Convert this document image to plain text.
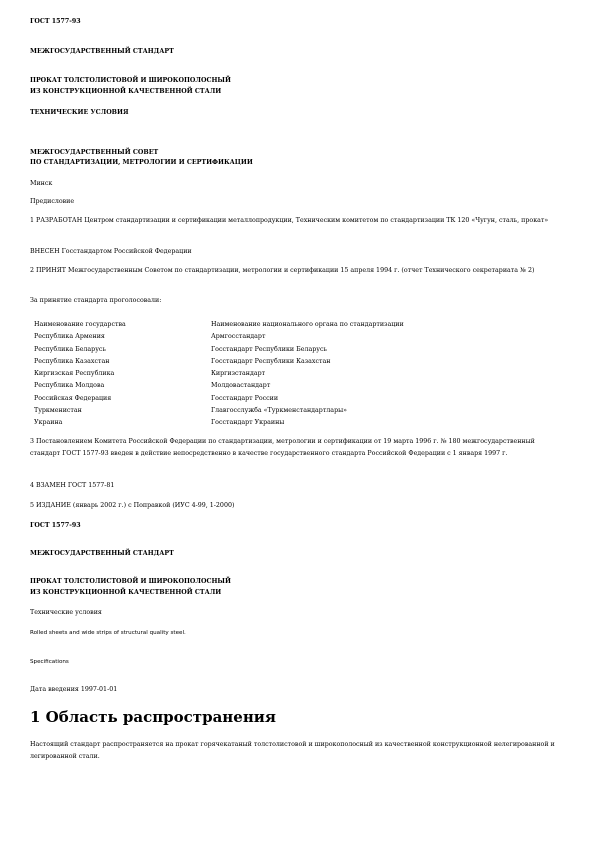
ГОСТ 1577-93

МЕЖГОСУДАРСТВЕННЫЙ СТАНДАРТ

ПРОКАТ ТОЛСТОЛИСТОВОЙ И ШИРОКОПОЛОСНЫЙ

ИЗ КОНСТРУКЦИОННОЙ КАЧЕСТВЕННОЙ СТАЛИ

ТЕХНИЧЕСКИЕ УСЛОВИЯ

МЕЖГОСУДАРСТВЕННЫЙ СОВЕТ

ПО СТАНДАРТИЗАЦИИ, МЕТРОЛОГИИ И СЕРТИФИКАЦИИ

Минск

Предисловие

1 РАЗРАБОТАН Центром стандартизации и сертификации металлопродукции, Техническим комитетом по стандартизации ТК 120 «Чугун, сталь, прокат»

ВНЕСЕН Госстандартом Российской Федерации

2 ПРИНЯТ Межгосударственным Советом по стандартизации, метрологии и сертификации 15 апреля 1994 г. (отчет Технического секретариата № 2)

За принятие стандарта проголосовали:

Наименование государства	Наименование национального органа по стандартизации
Республика Армения	Армгосстандарт
Республика Беларусь	Госстандарт Республики Беларусь
Республика Казахстан	Госстандарт Республики Казахстан
Киргизская Республика	Киргизстандарт
Республика Молдова	Молдовастандарт
Российская Федерация	Госстандарт России
Туркменистан	Главгосслужба «Туркменстандартлары»
Украина	Госстандарт Украины

3 Постановлением Комитета Российской Федерации по стандартизации, метрологии и сертификации от 19 марта 1996 г. № 180 межгосударственный стандарт ГОСТ 1577-93 введен в действие непосредственно в качестве государственного стандарта Российской Федерации с 1 января 1997 г.

4 ВЗАМЕН ГОСТ 1577-81

5 ИЗДАНИЕ (январь 2002 г.) с Поправкой (ИУС 4-99, 1-2000)

ГОСТ 1577-93

МЕЖГОСУДАРСТВЕННЫЙ СТАНДАРТ

ПРОКАТ ТОЛСТОЛИСТОВОЙ И ШИРОКОПОЛОСНЫЙ

ИЗ КОНСТРУКЦИОННОЙ КАЧЕСТВЕННОЙ СТАЛИ

Технические условия

Rolled sheets and wide strips of structural quality steel.

Specifications

Дата введения 1997-01-01

1 Область распространения

Настоящий стандарт распространяется на прокат горячекатаный толстолистовой и широкополосный из качественной конструкционной нелегированной и легированной стали.
